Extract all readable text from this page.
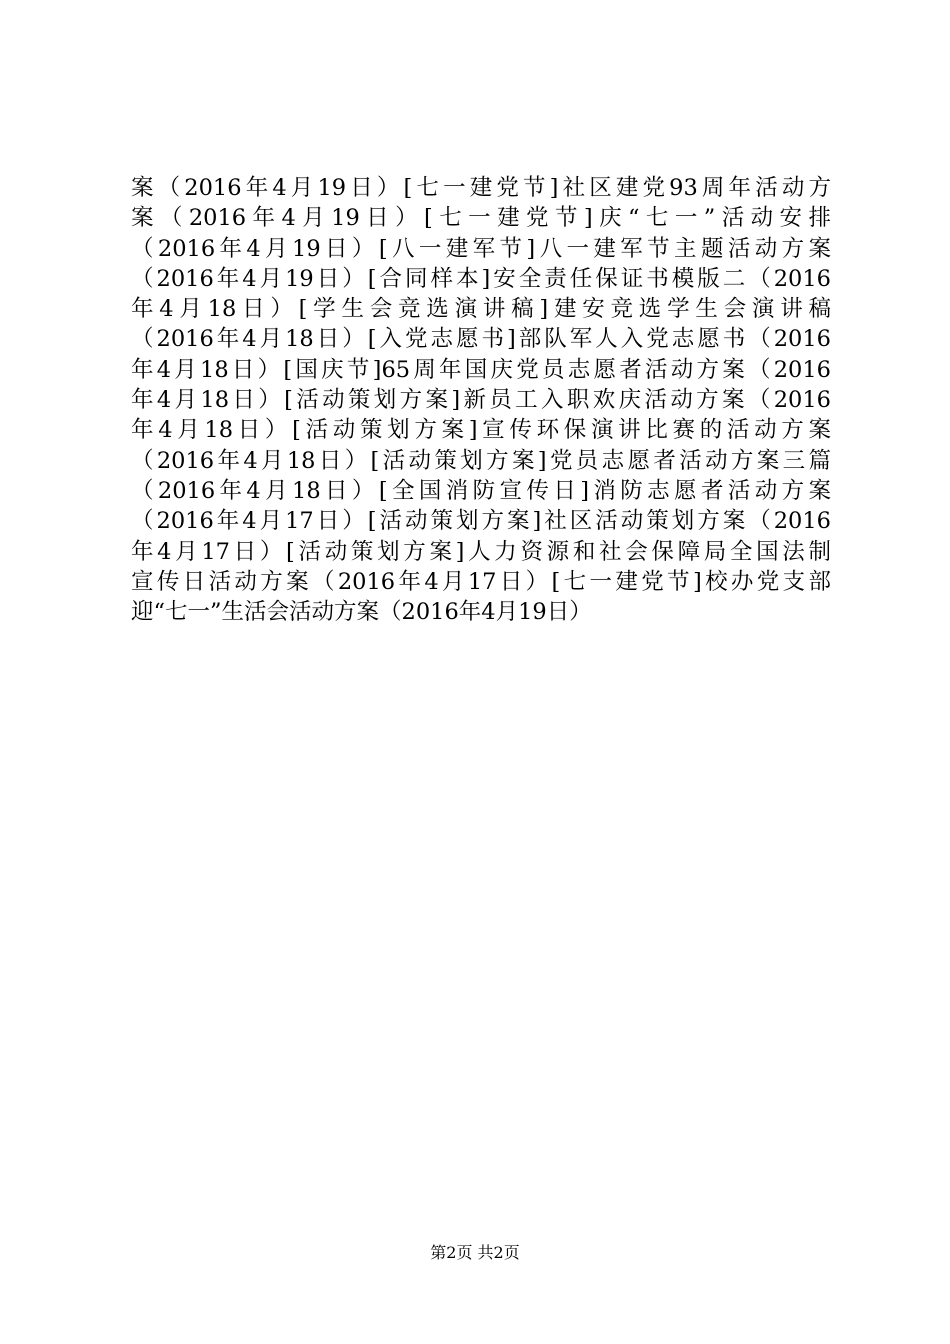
案（2016年4月19日）[七一建党节]社区建党93周年活动方
案（2016年4月19日）[七一建党节]庆“七一”活动安排
（2016年4月19日）[八一建军节]八一建军节主题活动方案
（2016年4月19日）[合同样本]安全责任保证书模版二（2016
年4月18日）[学生会竞选演讲稿]建安竞选学生会演讲稿
（2016年4月18日）[入党志愿书]部队军人入党志愿书（2016
年4月18日）[国庆节]65周年国庆党员志愿者活动方案（2016
年4月18日）[活动策划方案]新员工入职欢庆活动方案（2016
年4月18日）[活动策划方案]宣传环保演讲比赛的活动方案
（2016年4月18日）[活动策划方案]党员志愿者活动方案三篇
（2016年4月18日）[全国消防宣传日]消防志愿者活动方案
（2016年4月17日）[活动策划方案]社区活动策划方案（2016
年4月17日）[活动策划方案]人力资源和社会保障局全国法制
宣传日活动方案（2016年4月17日）[七一建党节]校办党支部
迎“七一”生活会活动方案（2016年4月19日）
第2页 共2页
